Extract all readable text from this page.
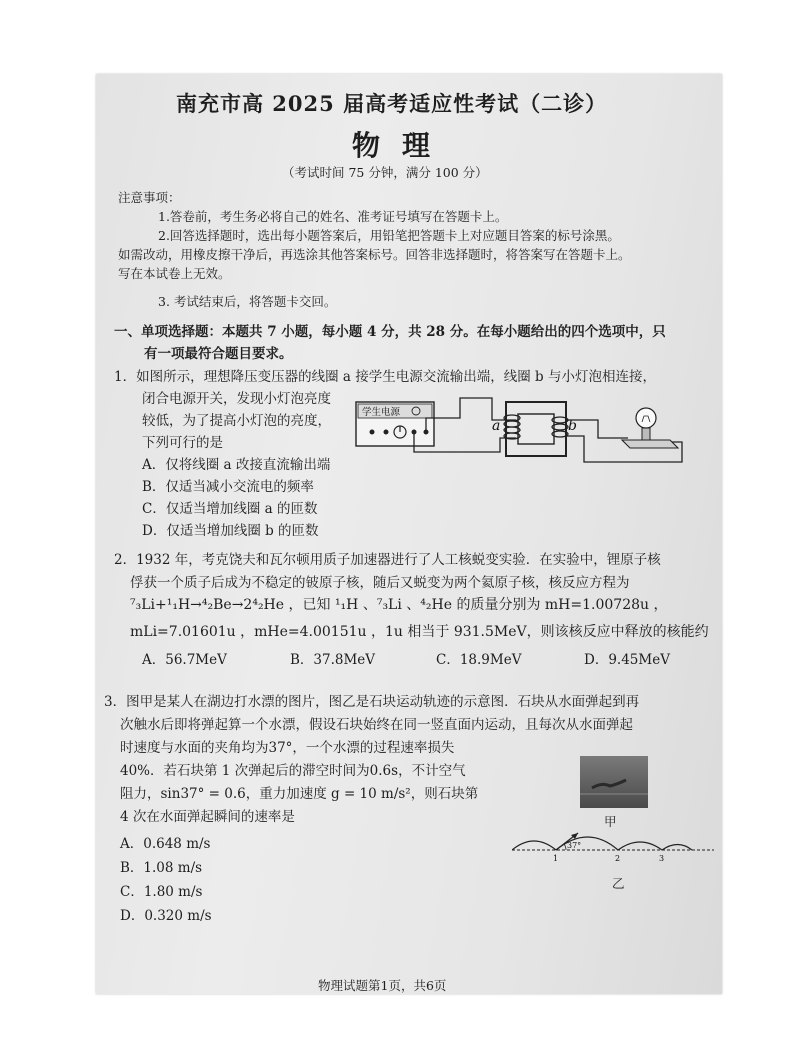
南充市高 2025 届高考适应性考试（二诊）
物理
（考试时间 75 分钟，满分 100 分）
注意事项：
1.答卷前，考生务必将自己的姓名、准考证号填写在答题卡上。
2.回答选择题时，选出每小题答案后，用铅笔把答题卡上对应题目答案的标号涂黑。
如需改动，用橡皮擦干净后，再选涂其他答案标号。回答非选择题时，将答案写在答题卡上。
写在本试卷上无效。
3. 考试结束后，将答题卡交回。
一、单项选择题：本题共 7 小题，每小题 4 分，共 28 分。在每小题给出的四个选项中，只
有一项最符合题目要求。
1．如图所示，理想降压变压器的线圈 a 接学生电源交流输出端，线圈 b 与小灯泡相连接，
闭合电源开关，发现小灯泡亮度
较低，为了提高小灯泡的亮度，
下列可行的是
A．仅将线圈 a 改接直流输出端
B．仅适当减小交流电的频率
C．仅适当增加线圈 a 的匝数
D．仅适当增加线圈 b 的匝数
学生电源
a	b
2．1932 年，考克饶夫和瓦尔顿用质子加速器进行了人工核蜕变实验．在实验中，锂原子核
俘获一个质子后成为不稳定的铍原子核，随后又蜕变为两个氦原子核，核反应方程为
⁷₃Li+¹₁H→⁴₂Be→2⁴₂He ，已知 ¹₁H 、⁷₃Li 、⁴₂He 的质量分别为 mH=1.00728u ，
mLi=7.01601u ，mHe=4.00151u ，1u 相当于 931.5MeV，则该核反应中释放的核能约
A．56.7MeV	B．37.8MeV	C．18.9MeV	D．9.45MeV
3．图甲是某人在湖边打水漂的图片，图乙是石块运动轨迹的示意图．石块从水面弹起到再
次触水后即将弹起算一个水漂，假设石块始终在同一竖直面内运动，且每次从水面弹起
时速度与水面的夹角均为37°，一个水漂的过程速率损失
40%．若石块第 1 次弹起后的滞空时间为0.6s，不计空气
阻力，sin37° = 0.6，重力加速度 g = 10 m/s²，则石块第
4 次在水面弹起瞬间的速率是
A．0.648 m/s
B．1.08 m/s
C．1.80 m/s
D．0.320 m/s
甲
37°
1	2	3
乙
物理试题第1页，共6页
